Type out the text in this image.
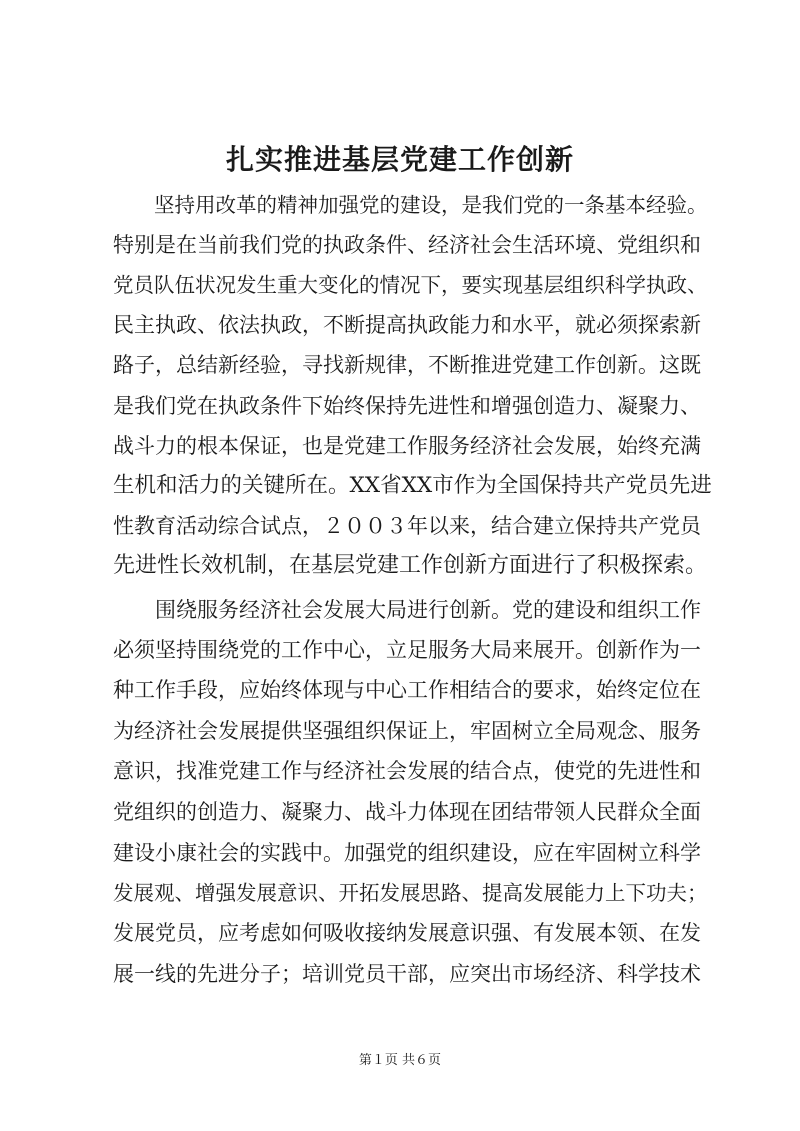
扎实推进基层党建工作创新
　　坚持用改革的精神加强党的建设，是我们党的一条基本经验。
特别是在当前我们党的执政条件、经济社会生活环境、党组织和
党员队伍状况发生重大变化的情况下，要实现基层组织科学执政、
民主执政、依法执政，不断提高执政能力和水平，就必须探索新
路子，总结新经验，寻找新规律，不断推进党建工作创新。这既
是我们党在执政条件下始终保持先进性和增强创造力、凝聚力、
战斗力的根本保证，也是党建工作服务经济社会发展，始终充满
生机和活力的关键所在。XX省XX市作为全国保持共产党员先进
性教育活动综合试点，２００３年以来，结合建立保持共产党员
先进性长效机制，在基层党建工作创新方面进行了积极探索。
　　围绕服务经济社会发展大局进行创新。党的建设和组织工作
必须坚持围绕党的工作中心，立足服务大局来展开。创新作为一
种工作手段，应始终体现与中心工作相结合的要求，始终定位在
为经济社会发展提供坚强组织保证上，牢固树立全局观念、服务
意识，找准党建工作与经济社会发展的结合点，使党的先进性和
党组织的创造力、凝聚力、战斗力体现在团结带领人民群众全面
建设小康社会的实践中。加强党的组织建设，应在牢固树立科学
发展观、增强发展意识、开拓发展思路、提高发展能力上下功夫；
发展党员，应考虑如何吸收接纳发展意识强、有发展本领、在发
展一线的先进分子；培训党员干部，应突出市场经济、科学技术
第１页 共６页
